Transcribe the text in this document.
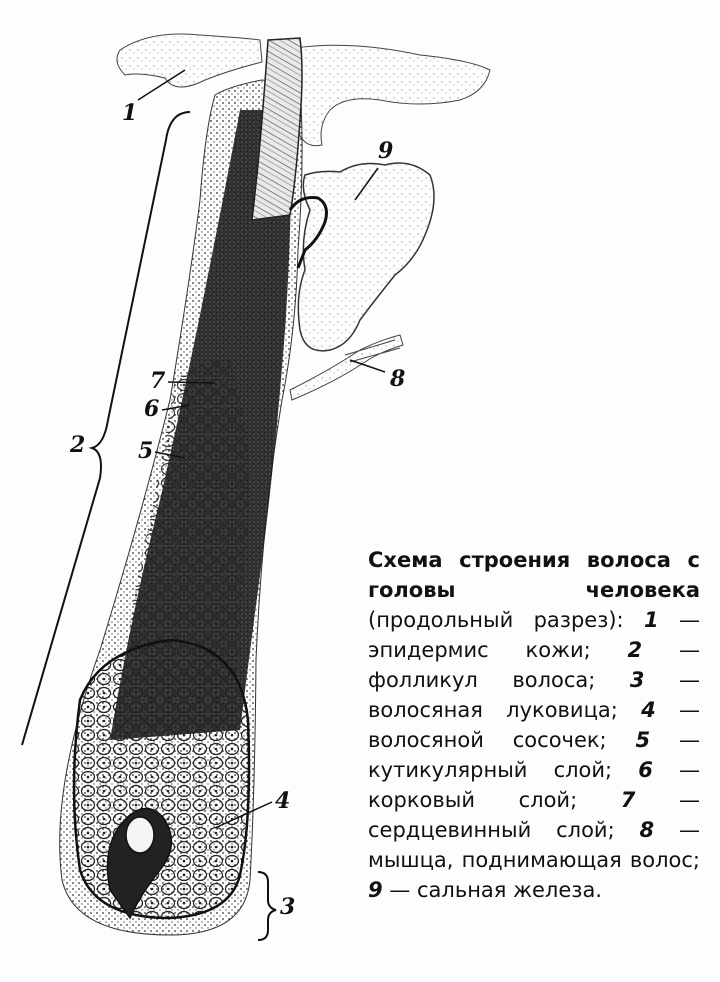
1
2
3
4
5
6
7	8
9

Схема строения волоса с головы человека (продольный разрез): 1 — эпидермис кожи; 2 — фолликул волоса; 3 — волосяная луковица; 4 — волосяной сосочек; 5 — кутикулярный слой; 6 — корковый слой; 7 — сердцевинный слой; 8 — мышца, поднимающая волос; 9 — сальная железа.
